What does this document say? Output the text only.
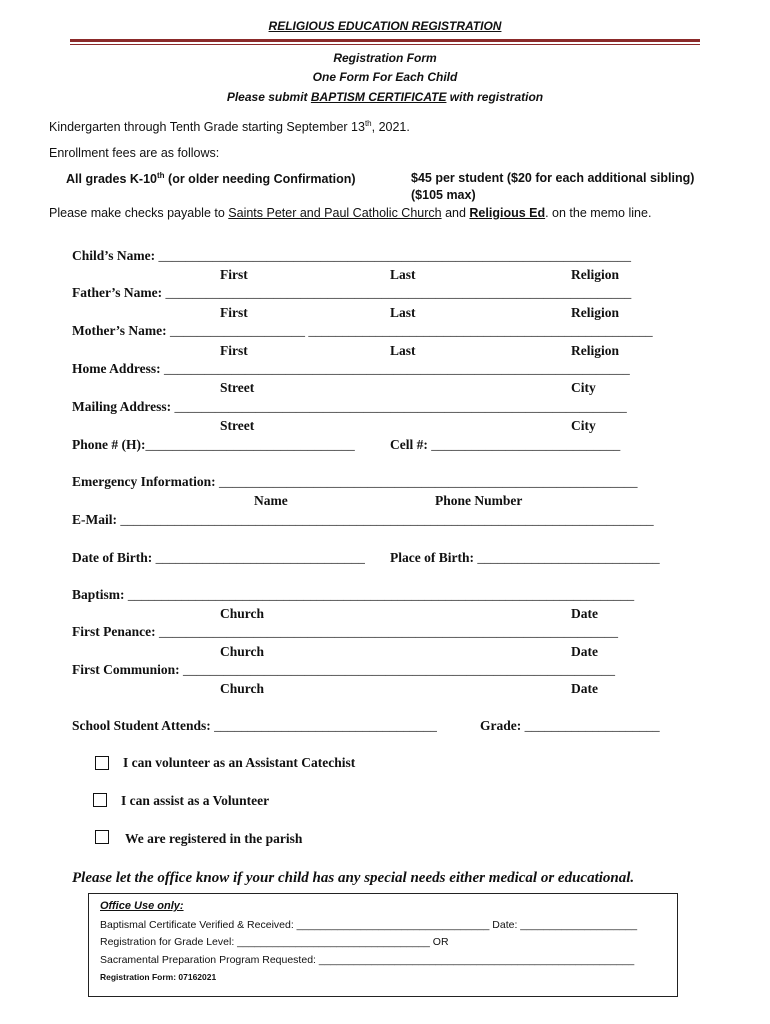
RELIGIOUS EDUCATION REGISTRATION
Registration Form
One Form For Each Child
Please submit BAPTISM CERTIFICATE with registration
Kindergarten through Tenth Grade starting September 13th, 2021.
Enrollment fees are as follows:
All grades K-10th (or older needing Confirmation)	$45 per student ($20 for each additional sibling)
($105 max)
Please make checks payable to Saints Peter and Paul Catholic Church and Religious Ed. on the memo line.
Child’s Name: ______________________________________________________________________
First	Last	Religion
Father’s Name: _____________________________________________________________________
First	Last	Religion
Mother’s Name: ____________________ ___________________________________________________
First	Last	Religion
Home Address: _____________________________________________________________________
Street	City
Mailing Address: ___________________________________________________________________
Street	City
Phone # (H):_______________________________	Cell #: ____________________________
Emergency Information: ______________________________________________________________
Name	Phone Number
E-Mail: _______________________________________________________________________________
Date of Birth: _______________________________ Place of Birth: ___________________________
Baptism: ___________________________________________________________________________
Church	Date
First Penance: ____________________________________________________________________
Church	Date
First Communion: ________________________________________________________________
Church	Date
School Student Attends: _________________________________	Grade: ____________________
I can volunteer as an Assistant Catechist
I can assist as a Volunteer
We are registered in the parish
Please let the office know if your child has any special needs either medical or educational.
Office Use only:
Baptismal Certificate Verified & Received: _________________________________ Date: ____________________
Registration for Grade Level: _________________________________ OR
Sacramental Preparation Program Requested: ______________________________________________________
Registration Form: 07162021
